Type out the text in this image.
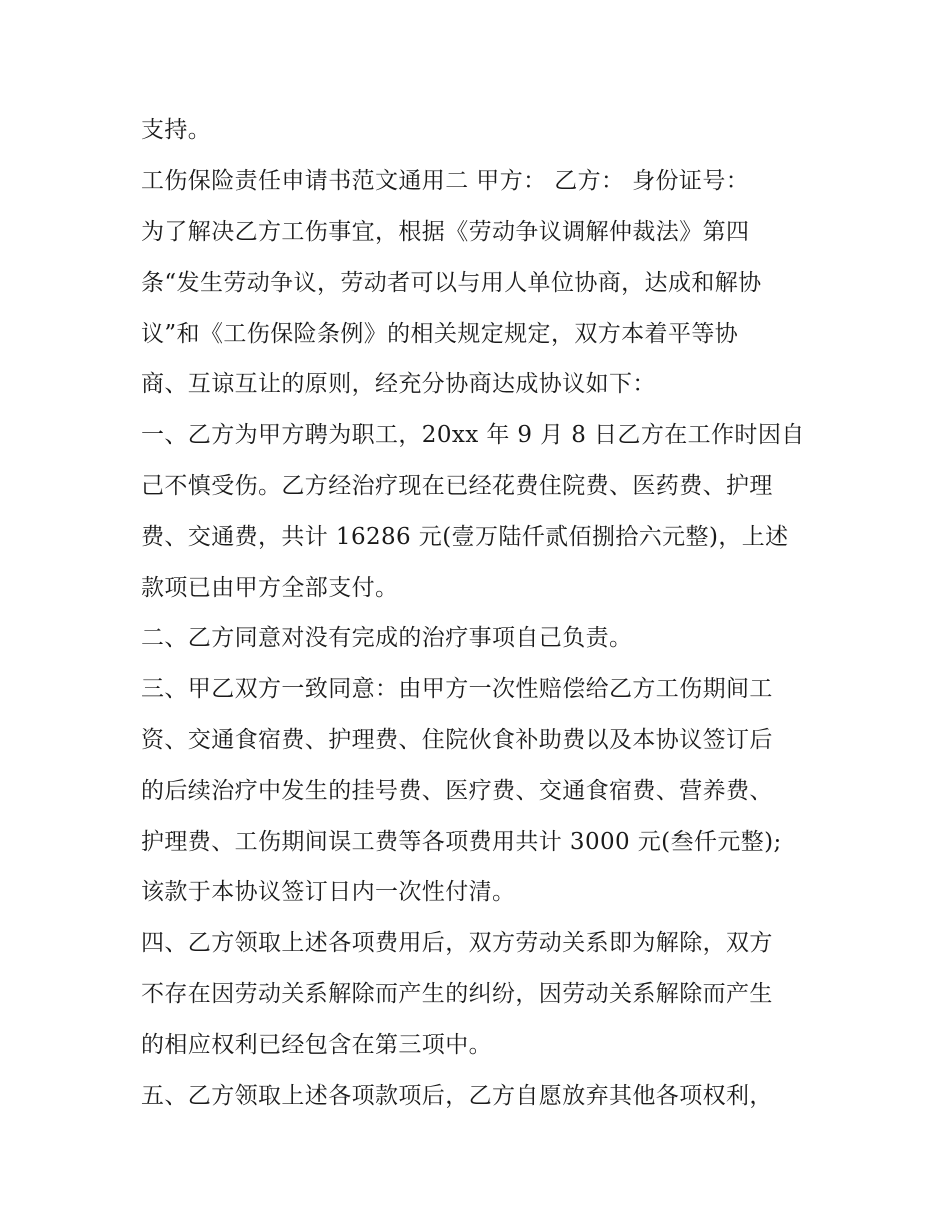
支持。
工伤保险责任申请书范文通用二 甲方： 乙方： 身份证号：
为了解决乙方工伤事宜，根据《劳动争议调解仲裁法》第四
条“发生劳动争议，劳动者可以与用人单位协商，达成和解协
议”和《工伤保险条例》的相关规定规定，双方本着平等协
商、互谅互让的原则，经充分协商达成协议如下：
一、乙方为甲方聘为职工，20xx 年 9 月 8 日乙方在工作时因自
己不慎受伤。乙方经治疗现在已经花费住院费、医药费、护理
费、交通费，共计 16286 元(壹万陆仟贰佰捌拾六元整)，上述
款项已由甲方全部支付。
二、乙方同意对没有完成的治疗事项自己负责。
三、甲乙双方一致同意：由甲方一次性赔偿给乙方工伤期间工
资、交通食宿费、护理费、住院伙食补助费以及本协议签订后
的后续治疗中发生的挂号费、医疗费、交通食宿费、营养费、
护理费、工伤期间误工费等各项费用共计 3000 元(叁仟元整);
该款于本协议签订日内一次性付清。
四、乙方领取上述各项费用后，双方劳动关系即为解除，双方
不存在因劳动关系解除而产生的纠纷，因劳动关系解除而产生
的相应权利已经包含在第三项中。
五、乙方领取上述各项款项后，乙方自愿放弃其他各项权利，
